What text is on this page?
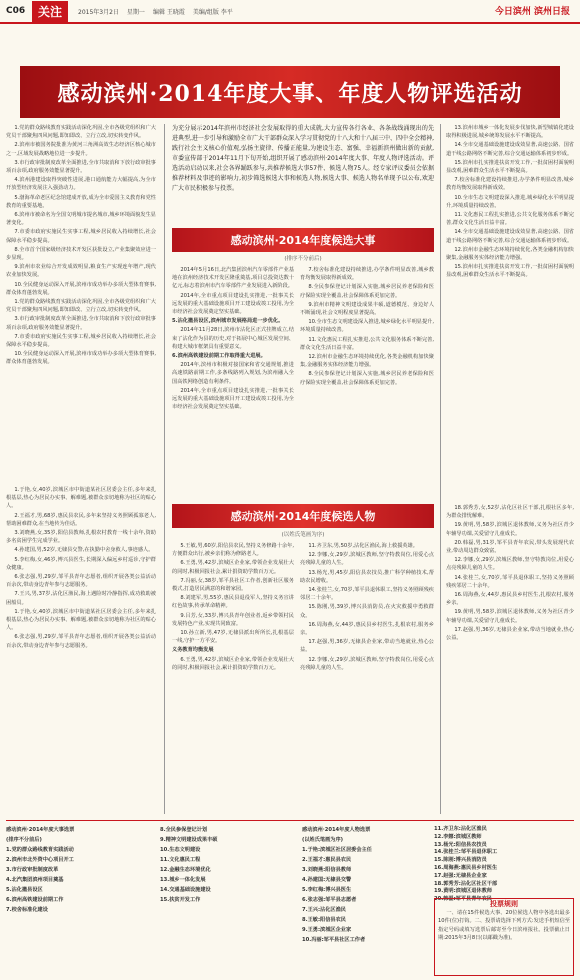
C06	关注	2015年3月2日 星期一 编辑 王晓霞 美编/组版 李平	今日滨州 滨州日报
感动滨州·2014年度大事、年度人物评选活动

1.党的群众路线教育实践活动深化巩固,全市各级党组织和广大党员干部聚焦四风问题,即知即改、立行立改,切实转变作风。

2.滨州市被国务院批准为黄河三角洲高效生态经济区核心城市之一,区域发展战略地位进一步提升。

3.市行政审批制度改革全面推进,全市共取消和下放行政审批事项百余项,政府服务效能显著提升。

4.滨州港建设取得突破性进展,港口通航能力大幅提高,为全市开放型经济发展注入强劲动力。

5.渤海革命老区纪念馆建成开放,成为全市爱国主义教育和党性教育的重要基地。

6.滨州市被命名为全国文明城市提名城市,城乡环境面貌发生显著变化。

7.市委市政府实施民生实事工程,城乡居民收入持续增长,社会保障水平稳步提高。

8.全市首个国家级经济技术开发区获批设立,产业集聚效应进一步显现。

9.滨州市农业综合开发成效明显,粮食生产实现连年增产,现代农业加快发展。

10.全民健身运动深入开展,滨州市成功举办多项大型体育赛事,群众体育蓬勃发展。

1.党的群众路线教育实践活动深化巩固,全市各级党组织和广大党员干部聚焦四风问题,即知即改、立行立改,切实转变作风。

3.市行政审批制度改革全面推进,全市共取消和下放行政审批事项百余项,政府服务效能显著提升。

7.市委市政府实施民生实事工程,城乡居民收入持续增长,社会保障水平稳步提高。

10.全民健身运动深入开展,滨州市成功举办多项大型体育赛事,群众体育蓬勃发展。

为充分展示2014年滨州市经济社会发展取得的重大成就,大力宣传各行各业、各条战线涌现出的先进典型,进一步引导和激励全市广大干部群众深入学习贯彻党的十八大和十八届三中、四中全会精神,践行社会主义核心价值观,弘扬主旋律、传播正能量,为建设生态、富强、幸福新滨州做出新的贡献,市委宣传部于2014年11月下旬开始,组织开展了感动滨州·2014年度大事、年度人物评选活动。评选活动启动以来,社会各界踊跃参与,共推荐候选大事57件、候选人物75人。经专家评议委员会依据推荐材料及事迹的影响力,初步筛选候选大事和候选人物,候选大事、候选人物名单现予以公布,欢迎广大市民积极参与投票。
感动滨州·2014年度候选大事
(排序不分前后)

2014年5月16日,北汽集团滨州汽车零部件产业基地在滨州经济技术开发区隆重奠基,项目总投资达数十亿元,标志着滨州市汽车零部件产业发展进入新阶段。

2014年,全市重点项目建设扎实推进,一批事关长远发展的重大基础设施项目开工建设或竣工投用,为全市经济社会发展奠定坚实基础。

5.沾化撤县设区,滨州城市发展格局进一步优化。

2014年11月28日,滨州市沾化区正式挂牌成立,结束了沾化作为县的历史,对于拓展中心城区发展空间、构建大城市框架具有重要意义。

6.滨州高铁建设前期工作取得重大进展。

2014年,滨州市积极对接国家和省交通规划,推进高速铁路前期工作,多条线路列入规划,为滨州融入全国高铁网络创造有利条件。

2014年,全市重点项目建设扎实推进,一批事关长远发展的重大基础设施项目开工建设或竣工投用,为全市经济社会发展奠定坚实基础。

7.校舍标准化建设持续推进,办学条件明显改善,城乡教育均衡发展取得新成效。

8.全民参保登记计划深入实施,城乡居民养老保险和医疗保险实现全覆盖,社会保障体系更加完善。

9.滨州市精神文明建设成果丰硕,道德模范、身边好人不断涌现,社会文明程度显著提高。

10.全市生态文明建设深入推进,城乡绿化水平明显提升,环境质量持续改善。

11.文化惠民工程扎实推进,公共文化服务体系不断完善,群众文化生活日益丰富。

12.滨州市金融生态环境持续优化,各类金融机构加快聚集,金融服务实体经济能力增强。

8.全民参保登记计划深入实施,城乡居民养老保险和医疗保险实现全覆盖,社会保障体系更加完善。

13.滨州市城乡一体化发展步伐加快,新型城镇化建设取得积极进展,城乡统筹发展水平不断提高。

14.全市交通基础设施建设成效显著,高速公路、国省道干线公路网络不断完善,综合交通运输体系初步形成。

15.滨州市扎实推进扶贫开发工作,一批贫困村面貌明显改观,困难群众生活水平不断提高。

7.校舍标准化建设持续推进,办学条件明显改善,城乡教育均衡发展取得新成效。

10.全市生态文明建设深入推进,城乡绿化水平明显提升,环境质量持续改善。

11.文化惠民工程扎实推进,公共文化服务体系不断完善,群众文化生活日益丰富。

14.全市交通基础设施建设成效显著,高速公路、国省道干线公路网络不断完善,综合交通运输体系初步形成。

12.滨州市金融生态环境持续优化,各类金融机构加快聚集,金融服务实体经济能力增强。

15.滨州市扎实推进扶贫开发工作,一批贫困村面貌明显改观,困难群众生活水平不断提高。

感动滨州·2014年度候选人物
(以姓氏笔画为序)

1.于艳,女,40岁,滨城区市中街道某社区居委会主任,多年来扎根基层,热心为居民办实事、解难题,被群众亲切地称为社区的贴心人。

2.王福才,男,68岁,惠民县农民,多年来坚持义务照顾孤寡老人,帮助困难群众,在当地传为佳话。

3.刘晓燕,女,35岁,阳信县教师,扎根农村教育一线十余年,资助多名贫困学生完成学业。

4.孙建国,男,52岁,无棣县交警,在执勤中舍身救人,事迹感人。

5.李红梅,女,46岁,博兴县医生,长期深入偏远乡村巡诊,守护群众健康。

6.张志强,男,29岁,邹平县青年志愿者,组织开展各类公益活动百余次,带动身边青年参与志愿服务。

7.王兴,男,37岁,沾化区渔民,海上遇险时冷静指挥,成功救助被困船员。

1.于艳,女,40岁,滨城区市中街道某社区居委会主任,多年来扎根基层,热心为居民办实事、解难题,被群众亲切地称为社区的贴心人。

6.张志强,男,29岁,邹平县青年志愿者,组织开展各类公益活动百余次,带动身边青年参与志愿服务。

5.王敏,男,60岁,阳信县农民,坚持义务修路十余年,方便群众出行,被乡亲们称为修路老人。

6.王勇,男,42岁,滨城区企业家,带领企业发展壮大的同时,积极回报社会,累计捐资助学数百万元。

7.冯丽,女,38岁,邹平县社区工作者,创新社区服务模式,打造居民满意的和谐家园。

8.刘建军,男,55岁,惠民县退役军人,坚持义务宣讲红色故事,传承革命精神。

9.吕芳,女,33岁,博兴县青年创业者,返乡带领村民发展特色产业,实现共同致富。

10.孙立新,男,47岁,无棣县派出所所长,扎根基层一线,守护一方平安。

义务教育均衡发展

6.王勇,男,42岁,滨城区企业家,带领企业发展壮大的同时,积极回报社会,累计捐资助学数百万元。

11.齐卫东,男,50岁,沾化区渔民,海上救援英雄。

12.李娜,女,29岁,滨城区教师,坚守特教岗位,用爱心点亮残障儿童的人生。

13.杨光,男,45岁,阳信县农技员,推广科学种植技术,帮助农民增收。

14.张桂兰,女,70岁,邹平县退休职工,坚持义务照顾残疾邻居二十余年。

15.陈刚,男,39岁,博兴县消防员,在火灾救援中勇救群众。

16.周海燕,女,44岁,惠民县乡村医生,扎根农村,服务乡亲。

17.赵强,男,36岁,无棣县企业家,带动当地就业,热心公益。

12.李娜,女,29岁,滨城区教师,坚守特教岗位,用爱心点亮残障儿童的人生。

18.郭秀芳,女,52岁,沾化区社区干部,扎根社区多年,为群众排忧解难。

19.黄明,男,58岁,滨城区退休教师,义务为社区青少年辅导功课,关爱留守儿童成长。

20.韩磊,男,31岁,邹平县青年农民,带头发展现代农业,带动周边群众致富。

12.李娜,女,29岁,滨城区教师,坚守特教岗位,用爱心点亮残障儿童的人生。

14.张桂兰,女,70岁,邹平县退休职工,坚持义务照顾残疾邻居二十余年。

16.周海燕,女,44岁,惠民县乡村医生,扎根农村,服务乡亲。

19.黄明,男,58岁,滨城区退休教师,义务为社区青少年辅导功课,关爱留守儿童成长。

17.赵强,男,36岁,无棣县企业家,带动当地就业,热心公益。

感动滨州·2014年度大事选票

(排序不分前后)

1.党的群众路线教育实践活动

2.滨州市北外资中心项目开工

3.市行政审批制度改革

4.北汽集团滨州项目奠基

5.沾化撤县设区

6.滨州高铁建设前期工作

7.校舍标准化建设

8.全民参保登记计划

9.精神文明建设成果丰硕

10.生态文明建设

11.文化惠民工程

12.金融生态环境优化

13.城乡一体化发展

14.交通基础设施建设

15.扶贫开发工作

感动滨州·2014年度人物选票

(以姓氏笔画为序)

1.于艳:滨城区社区居委会主任

2.王福才:惠民县农民

3.刘晓燕:阳信县教师

4.孙建国:无棣县交警

5.李红梅:博兴县医生

6.张志强:邹平县志愿者

7.王兴:沾化区渔民

8.王敏:阳信县农民

9.王勇:滨城区企业家

10.冯丽:邹平县社区工作者

11.齐卫东:沾化区渔民

12.李娜:滨城区教师

13.杨光:阳信县农技员

14.张桂兰:邹平县退休职工

15.陈刚:博兴县消防员

16.周海燕:惠民县乡村医生

17.赵强:无棣县企业家

18.郭秀芳:沾化区社区干部

19.黄明:滨城区退休教师

20.韩磊:邹平县青年农民

投票规则

一、请在15件候选大事、20位候选人物中各选出最多10件(位)打钩。二、投票请选择下列方式:发送手机短信至指定号码或填写选票后邮寄至今日滨州报社。投票截止日期:2015年3月8日(以邮戳为准)。
